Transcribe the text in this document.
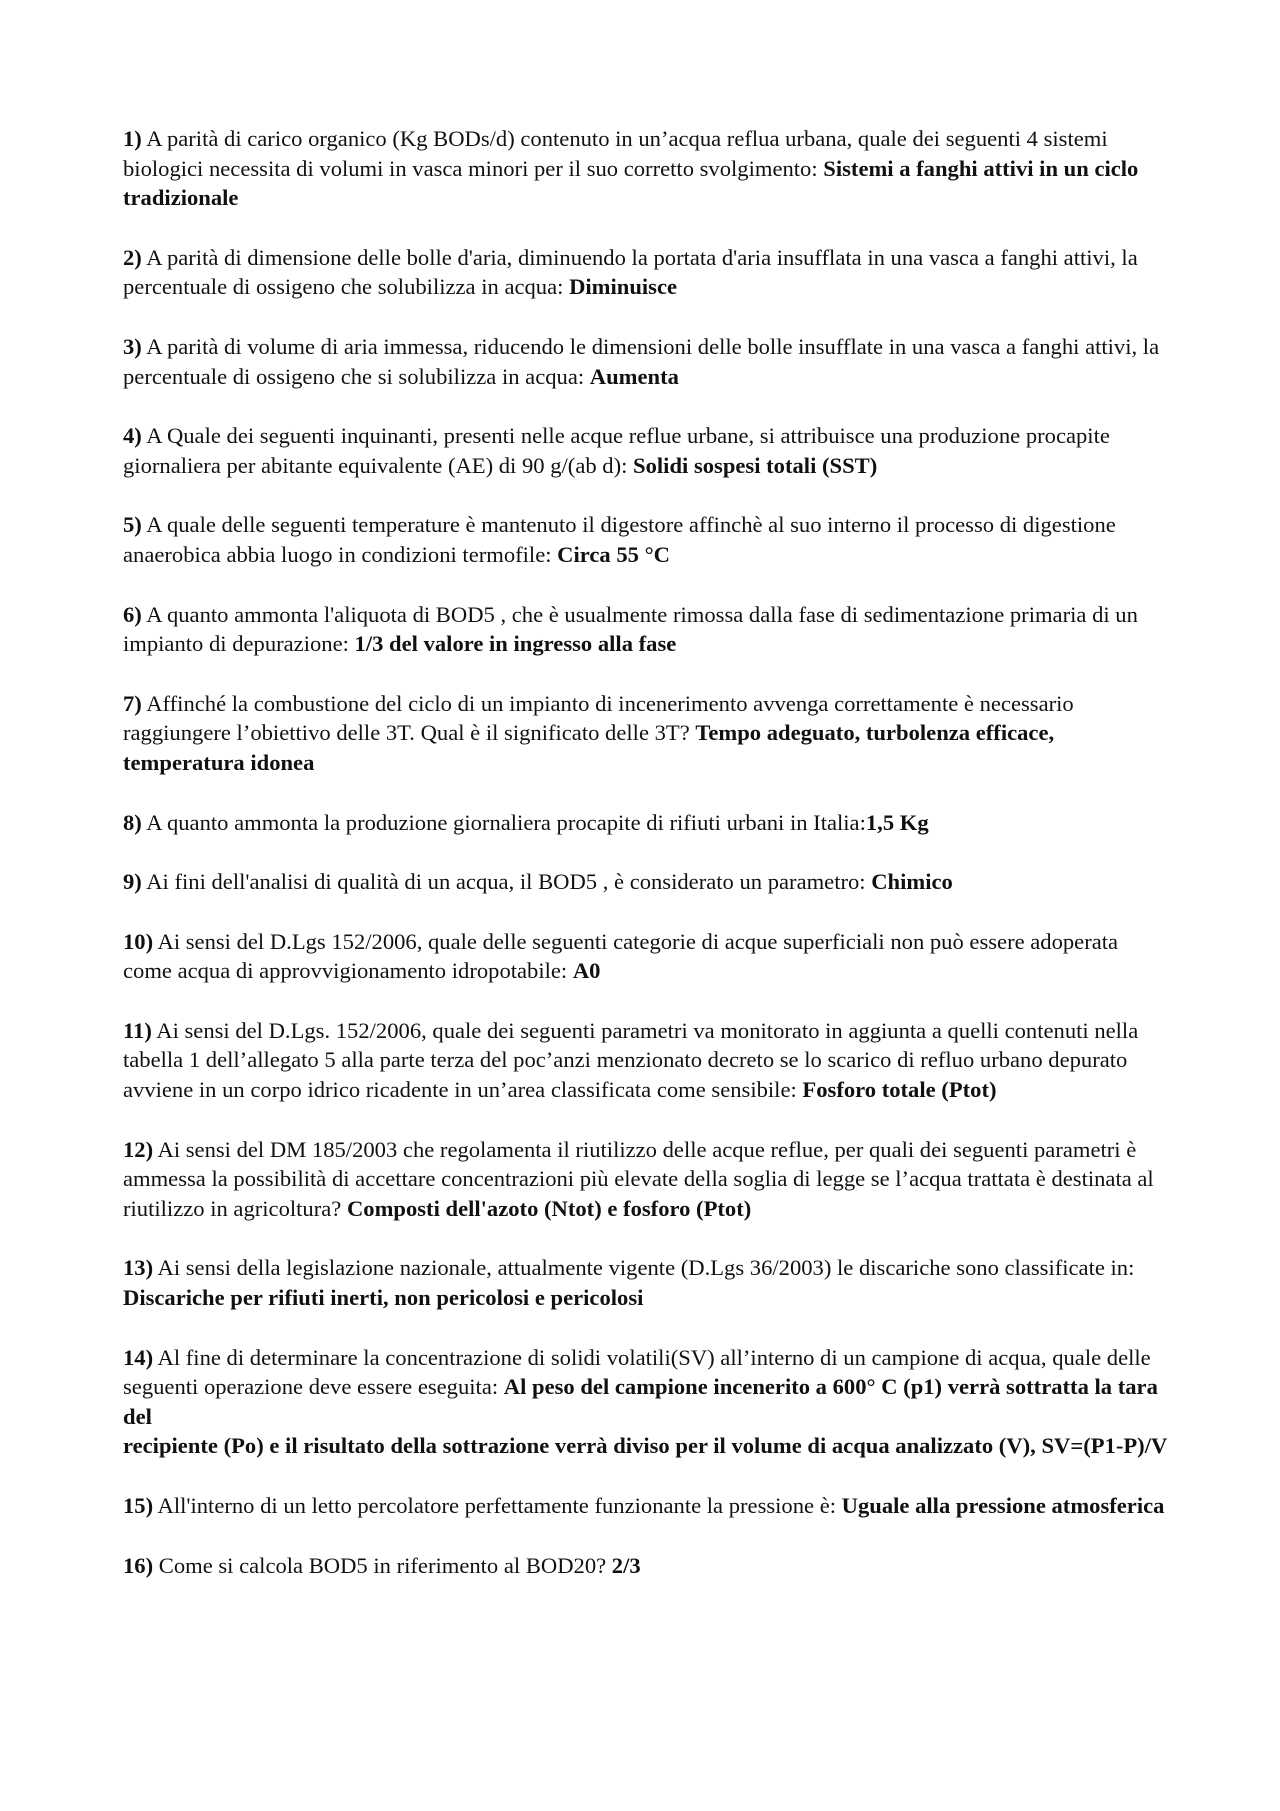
1) A parità di carico organico (Kg BODs/d) contenuto in un’acqua reflua urbana, quale dei seguenti 4 sistemi biologici necessita di volumi in vasca minori per il suo corretto svolgimento: Sistemi a fanghi attivi in un ciclo tradizionale

2) A parità di dimensione delle bolle d'aria, diminuendo la portata d'aria insufflata in una vasca a fanghi attivi, la percentuale di ossigeno che solubilizza in acqua: Diminuisce

3) A parità di volume di aria immessa, riducendo le dimensioni delle bolle insufflate in una vasca a fanghi attivi, la percentuale di ossigeno che si solubilizza in acqua: Aumenta

4) A Quale dei seguenti inquinanti, presenti nelle acque reflue urbane, si attribuisce una produzione procapite giornaliera per abitante equivalente (AE) di 90 g/(ab d): Solidi sospesi totali (SST)

5) A quale delle seguenti temperature è mantenuto il digestore affinchè al suo interno il processo di digestione anaerobica abbia luogo in condizioni termofile: Circa 55 °C

6) A quanto ammonta l'aliquota di BOD5 , che è usualmente rimossa dalla fase di sedimentazione primaria di un impianto di depurazione: 1/3 del valore in ingresso alla fase

7) Affinché la combustione del ciclo di un impianto di incenerimento avvenga correttamente è necessario raggiungere l’obiettivo delle 3T. Qual è il significato delle 3T? Tempo adeguato, turbolenza efficace, temperatura idonea

8) A quanto ammonta la produzione giornaliera procapite di rifiuti urbani in Italia:1,5 Kg

9) Ai fini dell'analisi di qualità di un acqua, il BOD5 , è considerato un parametro: Chimico

10) Ai sensi del D.Lgs 152/2006, quale delle seguenti categorie di acque superficiali non può essere adoperata come acqua di approvvigionamento idropotabile: A0

11) Ai sensi del D.Lgs. 152/2006, quale dei seguenti parametri va monitorato in aggiunta a quelli contenuti nella tabella 1 dell’allegato 5 alla parte terza del poc’anzi menzionato decreto se lo scarico di refluo urbano depurato avviene in un corpo idrico ricadente in un’area classificata come sensibile: Fosforo totale (Ptot)

12) Ai sensi del DM 185/2003 che regolamenta il riutilizzo delle acque reflue, per quali dei seguenti parametri è ammessa la possibilità di accettare concentrazioni più elevate della soglia di legge se l’acqua trattata è destinata al riutilizzo in agricoltura? Composti dell'azoto (Ntot) e fosforo (Ptot)

13) Ai sensi della legislazione nazionale, attualmente vigente (D.Lgs 36/2003) le discariche sono classificate in: Discariche per rifiuti inerti, non pericolosi e pericolosi

14) Al fine di determinare la concentrazione di solidi volatili(SV) all’interno di un campione di acqua, quale delle seguenti operazione deve essere eseguita: Al peso del campione incenerito a 600° C (p1) verrà sottratta la tara del
recipiente (Po) e il risultato della sottrazione verrà diviso per il volume di acqua analizzato (V), SV=(P1-P)/V

15) All'interno di un letto percolatore perfettamente funzionante la pressione è: Uguale alla pressione atmosferica

16) Come si calcola BOD5 in riferimento al BOD20? 2/3
